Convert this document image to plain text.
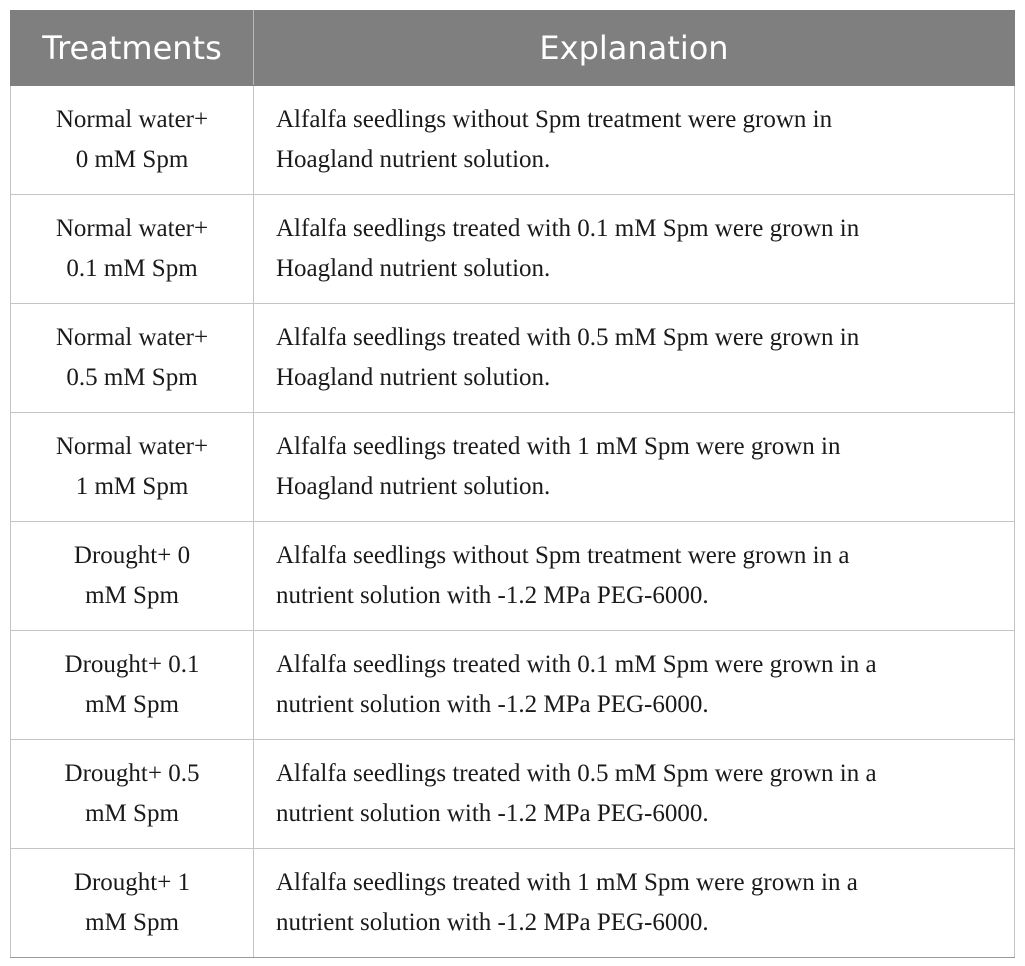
Treatments	Explanation

Normal water+
0 mM Spm	Alfalfa seedlings without Spm treatment were grown in
Hoagland nutrient solution.

Normal water+
0.1 mM Spm	Alfalfa seedlings treated with 0.1 mM Spm were grown in
Hoagland nutrient solution.

Normal water+
0.5 mM Spm	Alfalfa seedlings treated with 0.5 mM Spm were grown in
Hoagland nutrient solution.

Normal water+
1 mM Spm	Alfalfa seedlings treated with 1 mM Spm were grown in
Hoagland nutrient solution.

Drought+ 0
mM Spm	Alfalfa seedlings without Spm treatment were grown in a
nutrient solution with -1.2 MPa PEG-6000.

Drought+ 0.1
mM Spm	Alfalfa seedlings treated with 0.1 mM Spm were grown in a
nutrient solution with -1.2 MPa PEG-6000.

Drought+ 0.5
mM Spm	Alfalfa seedlings treated with 0.5 mM Spm were grown in a
nutrient solution with -1.2 MPa PEG-6000.

Drought+ 1
mM Spm	Alfalfa seedlings treated with 1 mM Spm were grown in a
nutrient solution with -1.2 MPa PEG-6000.
